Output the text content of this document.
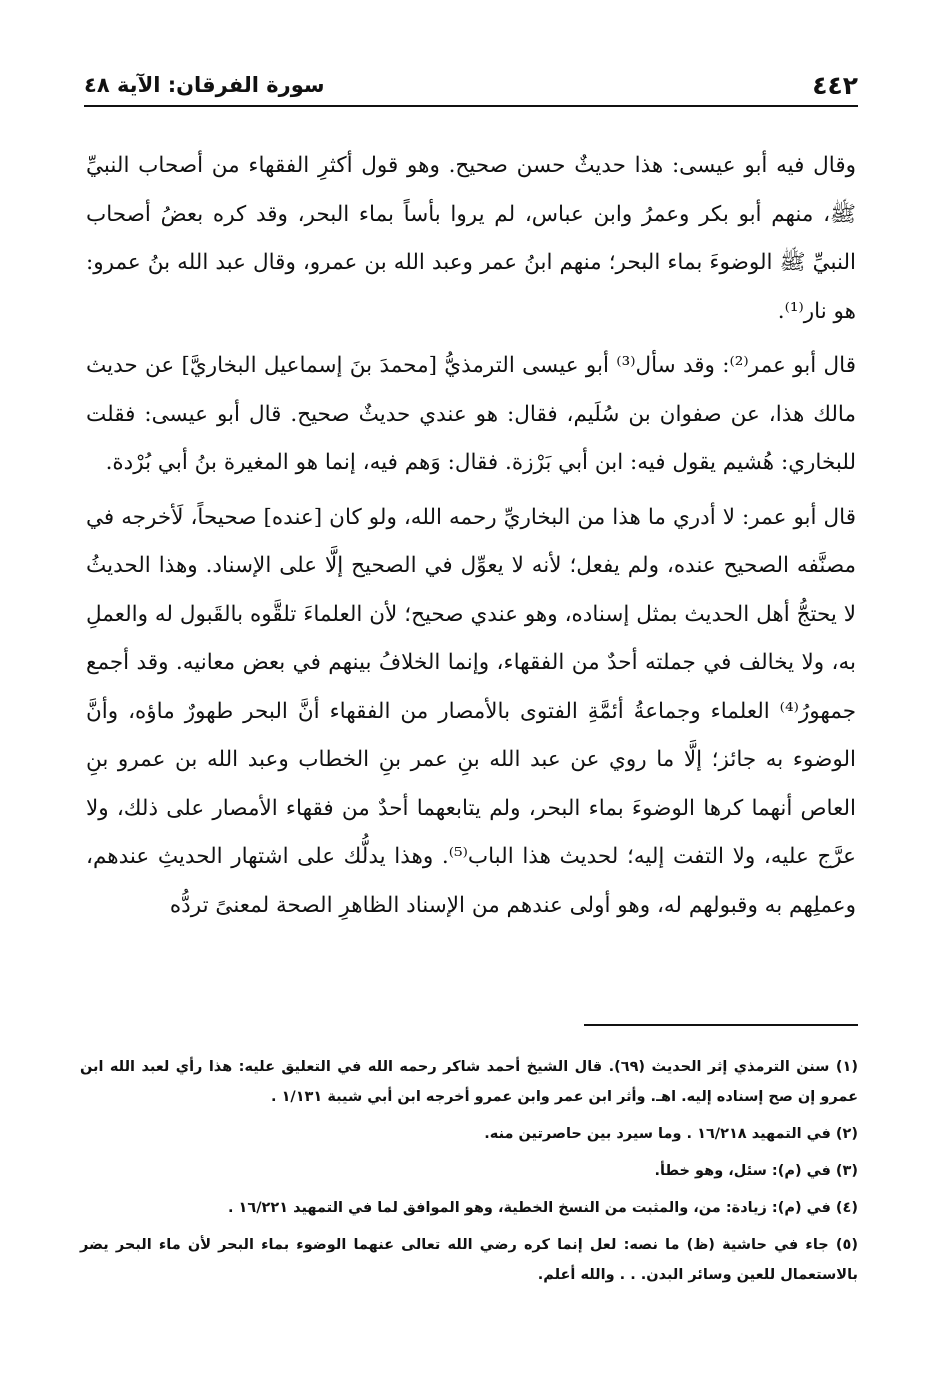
٤٤٢
سورة الفرقان: الآية ٤٨

وقال فيه أبو عيسى: هذا حديثٌ حسن صحيح. وهو قول أكثرِ الفقهاء من أصحاب النبيِّ ﷺ، منهم أبو بكر وعمرُ وابن عباس، لم يروا بأساً بماء البحر، وقد كره بعضُ أصحاب النبيِّ ﷺ الوضوءَ بماء البحر؛ منهم ابنُ عمر وعبد الله بن عمرو، وقال عبد الله بنُ عمرو: هو نار⁽¹⁾.

قال أبو عمر⁽²⁾: وقد سأل⁽³⁾ أبو عيسى الترمذيُّ [محمدَ بنَ إسماعيل البخاريَّ] عن حديث مالك هذا، عن صفوان بن سُلَيم، فقال: هو عندي حديثٌ صحيح. قال أبو عيسى: فقلت للبخاري: هُشيم يقول فيه: ابن أبي بَرْزة. فقال: وَهم فيه، إنما هو المغيرة بنُ أبي بُرْدة.

قال أبو عمر: لا أدري ما هذا من البخاريِّ رحمه الله، ولو كان [عنده] صحيحاً، لَأخرجه في مصنَّفه الصحيح عنده، ولم يفعل؛ لأنه لا يعوِّل في الصحيح إلَّا على الإسناد. وهذا الحديثُ لا يحتجُّ أهل الحديث بمثل إسناده، وهو عندي صحيح؛ لأن العلماءَ تلقَّوه بالقَبول له والعملِ به، ولا يخالف في جملته أحدٌ من الفقهاء، وإنما الخلافُ بينهم في بعض معانيه. وقد أجمع جمهورُ⁽⁴⁾ العلماء وجماعةُ أئمَّةِ الفتوى بالأمصار من الفقهاء أنَّ البحر طهورٌ ماؤه، وأنَّ الوضوء به جائز؛ إلَّا ما روي عن عبد الله بنِ عمر بنِ الخطاب وعبد الله بن عمرو بنِ العاص أنهما كرها الوضوءَ بماء البحر، ولم يتابعهما أحدٌ من فقهاء الأمصار على ذلك، ولا عرَّج عليه، ولا التفت إليه؛ لحديث هذا الباب⁽⁵⁾. وهذا يدلُّك على اشتهار الحديثِ عندهم، وعملِهم به وقبولهم له، وهو أولى عندهم من الإسناد الظاهرِ الصحة لمعنىً تردُّه

(١) سنن الترمذي إثر الحديث (٦٩). قال الشيخ أحمد شاكر رحمه الله في التعليق عليه: هذا رأي لعبد الله ابن عمرو إن صح إسناده إليه. اهـ. وأثر ابن عمر وابن عمرو أخرجه ابن أبي شيبة ١/١٣١ .

(٢) في التمهيد ١٦/٢١٨ . وما سيرد بين حاصرتين منه.

(٣) في (م): سئل، وهو خطأ.

(٤) في (م): زيادة: من، والمثبت من النسخ الخطية، وهو الموافق لما في التمهيد ١٦/٢٢١ .

(٥) جاء في حاشية (ظ) ما نصه: لعل إنما كره رضي الله تعالى عنهما الوضوء بماء البحر لأن ماء البحر يضر بالاستعمال للعين وسائر البدن. . . والله أعلم.
